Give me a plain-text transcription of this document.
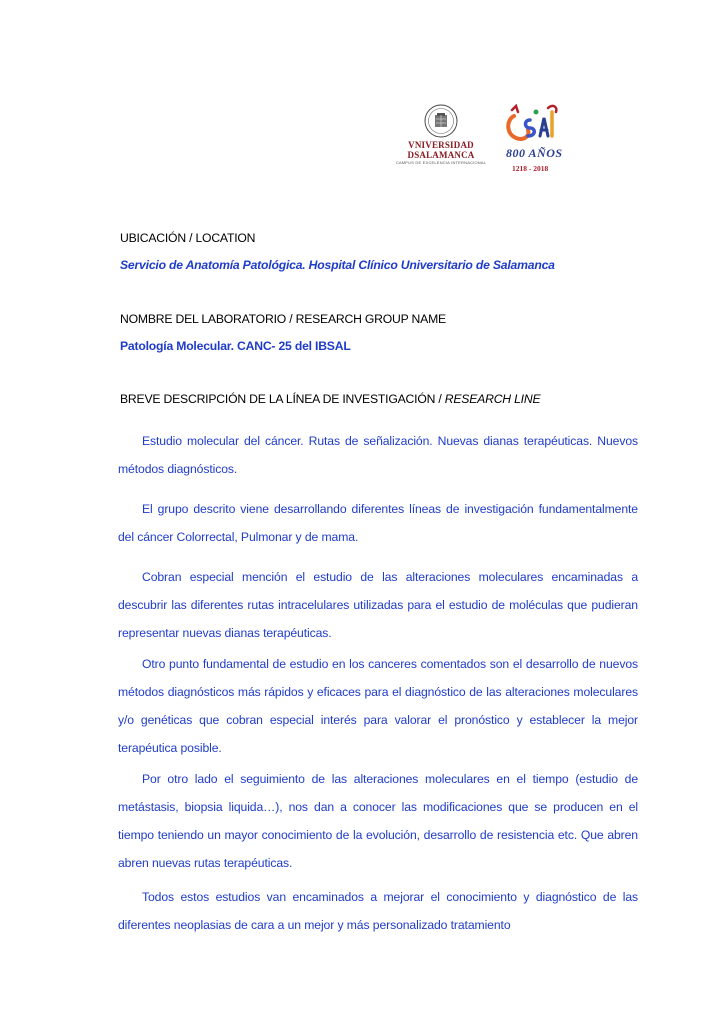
VNIVERSIDAD
DSALAMANCA
CAMPUS DE EXCELENCIA INTERNACIONAL
800 AÑOS
1218 - 2018
UBICACIÓN / LOCATION
Servicio de Anatomía Patológica. Hospital Clínico Universitario de Salamanca
NOMBRE DEL LABORATORIO / RESEARCH GROUP NAME
Patología Molecular. CANC- 25 del IBSAL
BREVE DESCRIPCIÓN DE LA LÍNEA DE INVESTIGACIÓN / RESEARCH LINE
Estudio molecular del cáncer. Rutas de señalización. Nuevas dianas terapéuticas. Nuevos métodos diagnósticos.
El grupo descrito viene desarrollando diferentes líneas de investigación fundamentalmente del cáncer Colorrectal, Pulmonar y de mama.
Cobran especial mención el estudio de las alteraciones moleculares encaminadas a descubrir las diferentes rutas intracelulares utilizadas para el estudio de moléculas que pudieran representar nuevas dianas terapéuticas.
Otro punto fundamental de estudio en los canceres comentados son el desarrollo de nuevos métodos diagnósticos más rápidos y eficaces para el diagnóstico de las alteraciones moleculares y/o genéticas que cobran especial interés para valorar el pronóstico y establecer la mejor terapéutica posible.
Por otro lado el seguimiento de las alteraciones moleculares en el tiempo (estudio de metástasis, biopsia liquida…), nos dan a conocer las modificaciones que se producen en el tiempo teniendo un mayor conocimiento de la evolución, desarrollo de resistencia etc. Que abren abren nuevas rutas terapéuticas.
Todos estos estudios van encaminados a mejorar el conocimiento y diagnóstico de las diferentes neoplasias de cara a un mejor y más personalizado tratamiento
